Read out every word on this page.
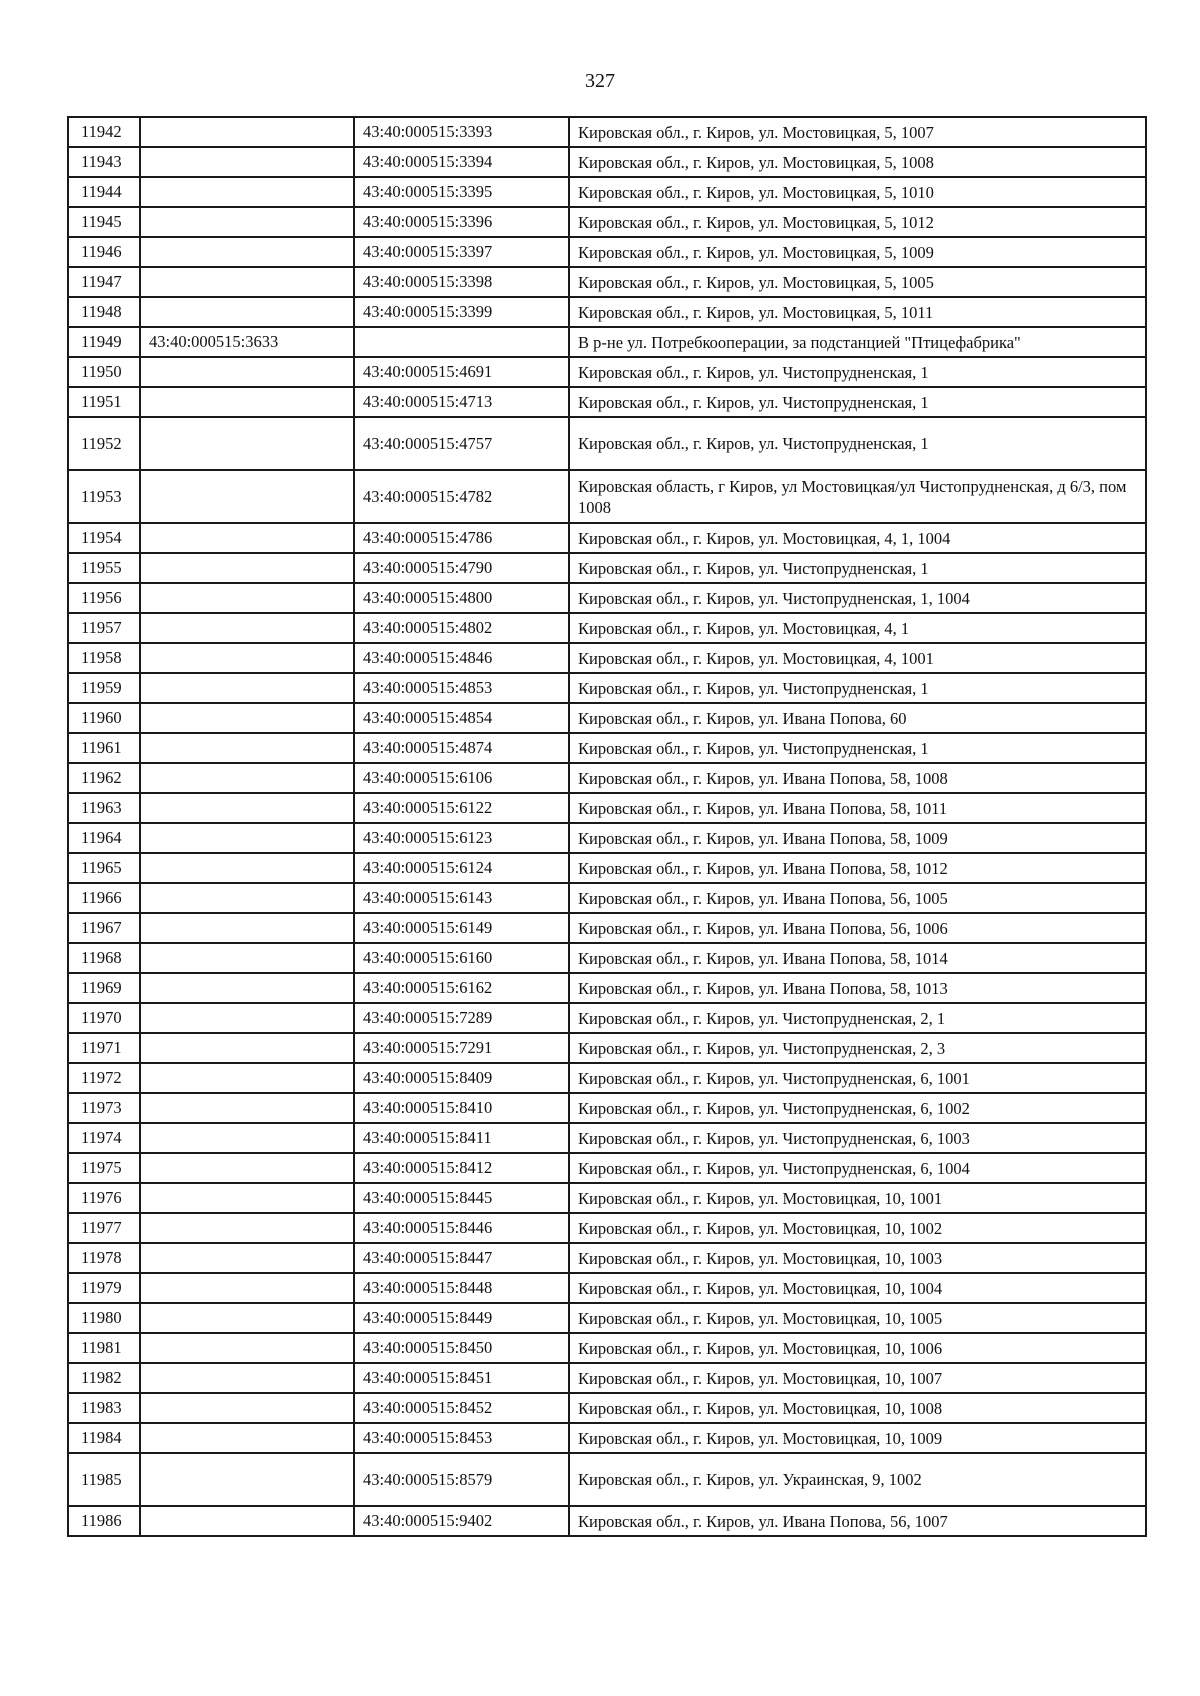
327
11942		43:40:000515:3393	Кировская обл., г. Киров, ул. Мостовицкая, 5, 1007
11943		43:40:000515:3394	Кировская обл., г. Киров, ул. Мостовицкая, 5, 1008
11944		43:40:000515:3395	Кировская обл., г. Киров, ул. Мостовицкая, 5, 1010
11945		43:40:000515:3396	Кировская обл., г. Киров, ул. Мостовицкая, 5, 1012
11946		43:40:000515:3397	Кировская обл., г. Киров, ул. Мостовицкая, 5, 1009
11947		43:40:000515:3398	Кировская обл., г. Киров, ул. Мостовицкая, 5, 1005
11948		43:40:000515:3399	Кировская обл., г. Киров, ул. Мостовицкая, 5, 1011
11949	43:40:000515:3633		В р-не ул. Потребкооперации, за подстанцией "Птицефабрика"
11950		43:40:000515:4691	Кировская обл., г. Киров, ул. Чистопрудненская, 1
11951		43:40:000515:4713	Кировская обл., г. Киров, ул. Чистопрудненская, 1
11952		43:40:000515:4757	Кировская обл., г. Киров, ул. Чистопрудненская, 1
11953		43:40:000515:4782	Кировская область, г Киров, ул Мостовицкая/ул Чистопрудненская, д 6/3, пом 1008
11954		43:40:000515:4786	Кировская обл., г. Киров, ул. Мостовицкая, 4, 1, 1004
11955		43:40:000515:4790	Кировская обл., г. Киров, ул. Чистопрудненская, 1
11956		43:40:000515:4800	Кировская обл., г. Киров, ул. Чистопрудненская, 1, 1004
11957		43:40:000515:4802	Кировская обл., г. Киров, ул. Мостовицкая, 4, 1
11958		43:40:000515:4846	Кировская обл., г. Киров, ул. Мостовицкая, 4, 1001
11959		43:40:000515:4853	Кировская обл., г. Киров, ул. Чистопрудненская, 1
11960		43:40:000515:4854	Кировская обл., г. Киров, ул. Ивана Попова, 60
11961		43:40:000515:4874	Кировская обл., г. Киров, ул. Чистопрудненская, 1
11962		43:40:000515:6106	Кировская обл., г. Киров, ул. Ивана Попова, 58, 1008
11963		43:40:000515:6122	Кировская обл., г. Киров, ул. Ивана Попова, 58, 1011
11964		43:40:000515:6123	Кировская обл., г. Киров, ул. Ивана Попова, 58, 1009
11965		43:40:000515:6124	Кировская обл., г. Киров, ул. Ивана Попова, 58, 1012
11966		43:40:000515:6143	Кировская обл., г. Киров, ул. Ивана Попова, 56, 1005
11967		43:40:000515:6149	Кировская обл., г. Киров, ул. Ивана Попова, 56, 1006
11968		43:40:000515:6160	Кировская обл., г. Киров, ул. Ивана Попова, 58, 1014
11969		43:40:000515:6162	Кировская обл., г. Киров, ул. Ивана Попова, 58, 1013
11970		43:40:000515:7289	Кировская обл., г. Киров, ул. Чистопрудненская, 2, 1
11971		43:40:000515:7291	Кировская обл., г. Киров, ул. Чистопрудненская, 2, 3
11972		43:40:000515:8409	Кировская обл., г. Киров, ул. Чистопрудненская, 6, 1001
11973		43:40:000515:8410	Кировская обл., г. Киров, ул. Чистопрудненская, 6, 1002
11974		43:40:000515:8411	Кировская обл., г. Киров, ул. Чистопрудненская, 6, 1003
11975		43:40:000515:8412	Кировская обл., г. Киров, ул. Чистопрудненская, 6, 1004
11976		43:40:000515:8445	Кировская обл., г. Киров, ул. Мостовицкая, 10, 1001
11977		43:40:000515:8446	Кировская обл., г. Киров, ул. Мостовицкая, 10, 1002
11978		43:40:000515:8447	Кировская обл., г. Киров, ул. Мостовицкая, 10, 1003
11979		43:40:000515:8448	Кировская обл., г. Киров, ул. Мостовицкая, 10, 1004
11980		43:40:000515:8449	Кировская обл., г. Киров, ул. Мостовицкая, 10, 1005
11981		43:40:000515:8450	Кировская обл., г. Киров, ул. Мостовицкая, 10, 1006
11982		43:40:000515:8451	Кировская обл., г. Киров, ул. Мостовицкая, 10, 1007
11983		43:40:000515:8452	Кировская обл., г. Киров, ул. Мостовицкая, 10, 1008
11984		43:40:000515:8453	Кировская обл., г. Киров, ул. Мостовицкая, 10, 1009
11985		43:40:000515:8579	Кировская обл., г. Киров, ул. Украинская, 9, 1002
11986		43:40:000515:9402	Кировская обл., г. Киров, ул. Ивана Попова, 56, 1007
